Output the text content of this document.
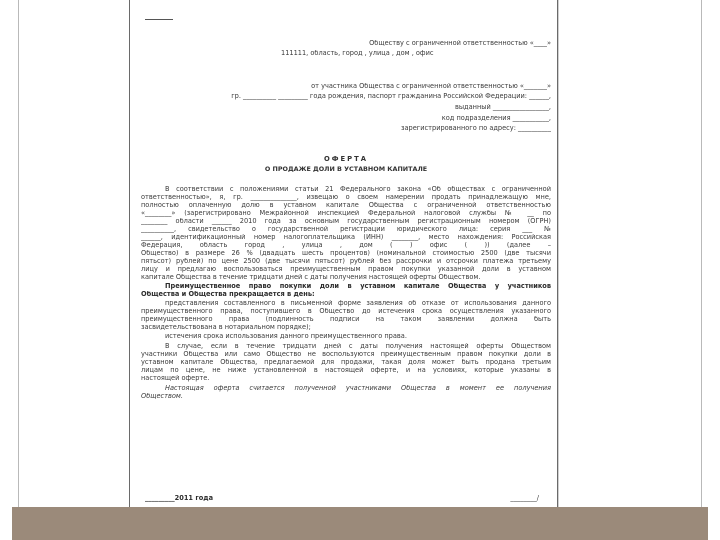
Обществу с ограниченной ответственностью «____»
111111, область, город , улица , дом , офис
от участника Общества с ограниченной ответственностью «_______»
гр. __________ _________ года рождения, паспорт гражданина Российской Федерации: ______,
выданный _________________,
код подразделения ___________,
зарегистрированного по адресу: __________
ОФЕРТА
О ПРОДАЖЕ ДОЛИ В УСТАВНОМ КАПИТАЛЕ
В соответствии с положениями статьи 21 Федерального закона «Об обществах с ограниченной
ответственностью», я, гр. ______________, извещаю о своем намерении продать принадлежащую мне,
полностью оплаченную долю в уставном капитале Общества с ограниченной ответственностью
«________» (зарегистрировано Межрайонной инспекцией Федеральной налоговой службы № __ по
________ области ______ 2010 года за основным государственным регистрационным номером (ОГРН)
__________, свидетельство о государственной регистрации юридического лица: серия ___ №
______, идентификационный номер налогоплательщика (ИНН) ________, место нахождения: Российская
Федерация, область город , улица , дом ( ) офис ( )) (далее –
Общество) в размере 26 % (двадцать шесть процентов) (номинальной стоимостью 2500 (две тысячи
пятьсот) рублей) по цене 2500 (две тысячи пятьсот) рублей без рассрочки и отсрочки платежа третьему
лицу и предлагаю воспользоваться преимущественным правом покупки указанной доли в уставном
капитале Общества в течение тридцати дней с даты получения настоящей оферты Обществом.
Преимущественное право покупки доли в уставном капитале Общества у участников
Общества и Общества прекращается в день:
представления составленного в письменной форме заявления об отказе от использования данного
преимущественного права, поступившего в Общество до истечения срока осуществления указанного
преимущественного права (подлинность подписи на таком заявлении должна быть
засвидетельствована в нотариальном порядке);
истечения срока использования данного преимущественного права.
В случае, если в течение тридцати дней с даты получения настоящей оферты Обществом
участники Общества или само Общество не воспользуются преимущественным правом покупки доли в
уставном капитале Общества, предлагаемой для продажи, такая доля может быть продана третьим
лицам по цене, не ниже установленной в настоящей оферте, и на условиях, которые указаны в
настоящей оферте.
Настоящая оферта считается полученной участниками Общества в момент ее получения
Обществом.
_________2011 года	________/
